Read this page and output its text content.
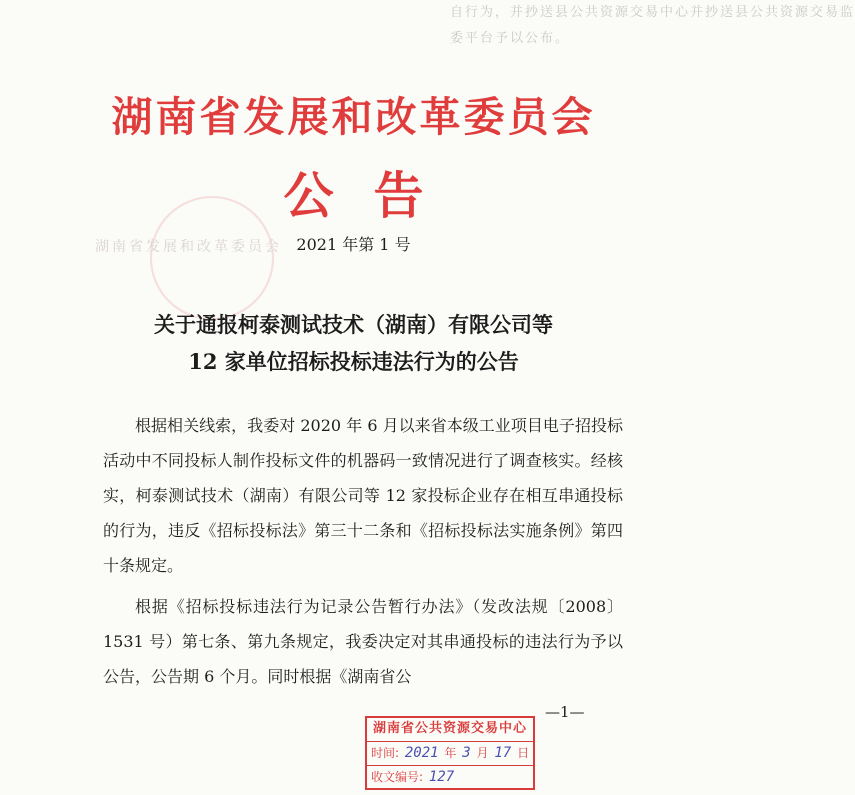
自行为，并抄送县公共资源交易中心并抄送县公共资源交易监
委平台予以公布。
湖南省发展和改革委员会
湖南省发展和改革委员会
公告
2021 年第 1 号
关于通报柯泰测试技术（湖南）有限公司等
12 家单位招标投标违法行为的公告

根据相关线索，我委对 2020 年 6 月以来省本级工业项目电子招投标活动中不同投标人制作投标文件的机器码一致情况进行了调查核实。经核实，柯泰测试技术（湖南）有限公司等 12 家投标企业存在相互串通投标的行为，违反《招标投标法》第三十二条和《招标投标法实施条例》第四十条规定。

根据《招标投标违法行为记录公告暂行办法》（发改法规〔2008〕1531 号）第七条、第九条规定，我委决定对其串通投标的违法行为予以公告，公告期 6 个月。同时根据《湖南省公

—1—
湖南省公共资源交易中心
时间: 2021 年 3 月 17 日
收文编号: 127
